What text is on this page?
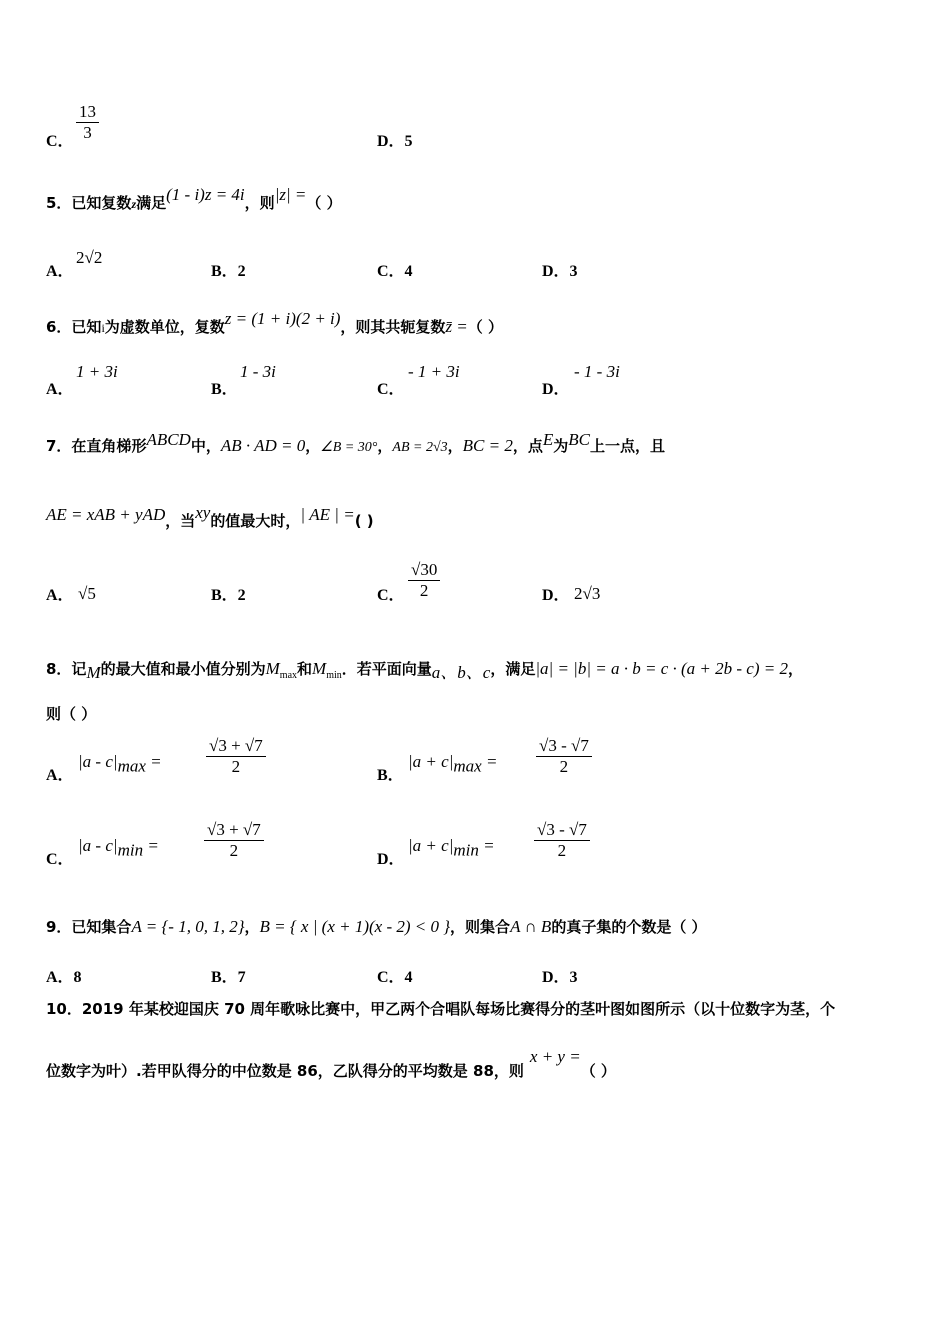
C． $\frac{13}{3}$	D．5
5．已知复数z满足(1 - i)z = 4i，则|z| =（ ）
A．
2√2
B．2	C．4	D．3
6．已知i为虚数单位，复数z = (1 + i)(2 + i)，则其共轭复数z̄ =（ ）
A．
1 + 3i
B．
1 - 3i
C．
- 1 + 3i
D．
- 1 - 3i
7．在直角梯形ABCD中，AB · AD = 0，∠B = 30°，AB = 2√3，BC = 2，点E为BC上一点，且
AE = xAB + yAD，当xy的值最大时，| AE | =( )
A． √5	B．2	C． $\frac{√30}{2}$	D． 2√3
8．记M的最大值和最小值分别为$M_{max}$和$M_{min}$．若平面向量a、b、c，满足|a| = |b| = a · b = c · (a + 2b - c) = 2，
则（ ）
A．
$|a - c|_{max}$ =	$\frac{√3 + √7}{2}$	B．
$|a + c|_{max} = \frac{√3 - √7}{2}$
C．
$|a - c|_{min}$ =	$\frac{√3 + √7}{2}$	D．
$|a + c|_{min} = \frac{√3 - √7}{2}$
9．已知集合A = {- 1, 0, 1, 2}，B = { x | (x + 1)(x - 2) < 0 }，则集合A ∩ B的真子集的个数是（ ）
A．8	B．7	C．4	D．3
10．2019 年某校迎国庆 70 周年歌咏比赛中，甲乙两个合唱队每场比赛得分的茎叶图如图所示（以十位数字为茎，个
位数字为叶）.若甲队得分的中位数是 86，乙队得分的平均数是 88，则x + y =（ ）
